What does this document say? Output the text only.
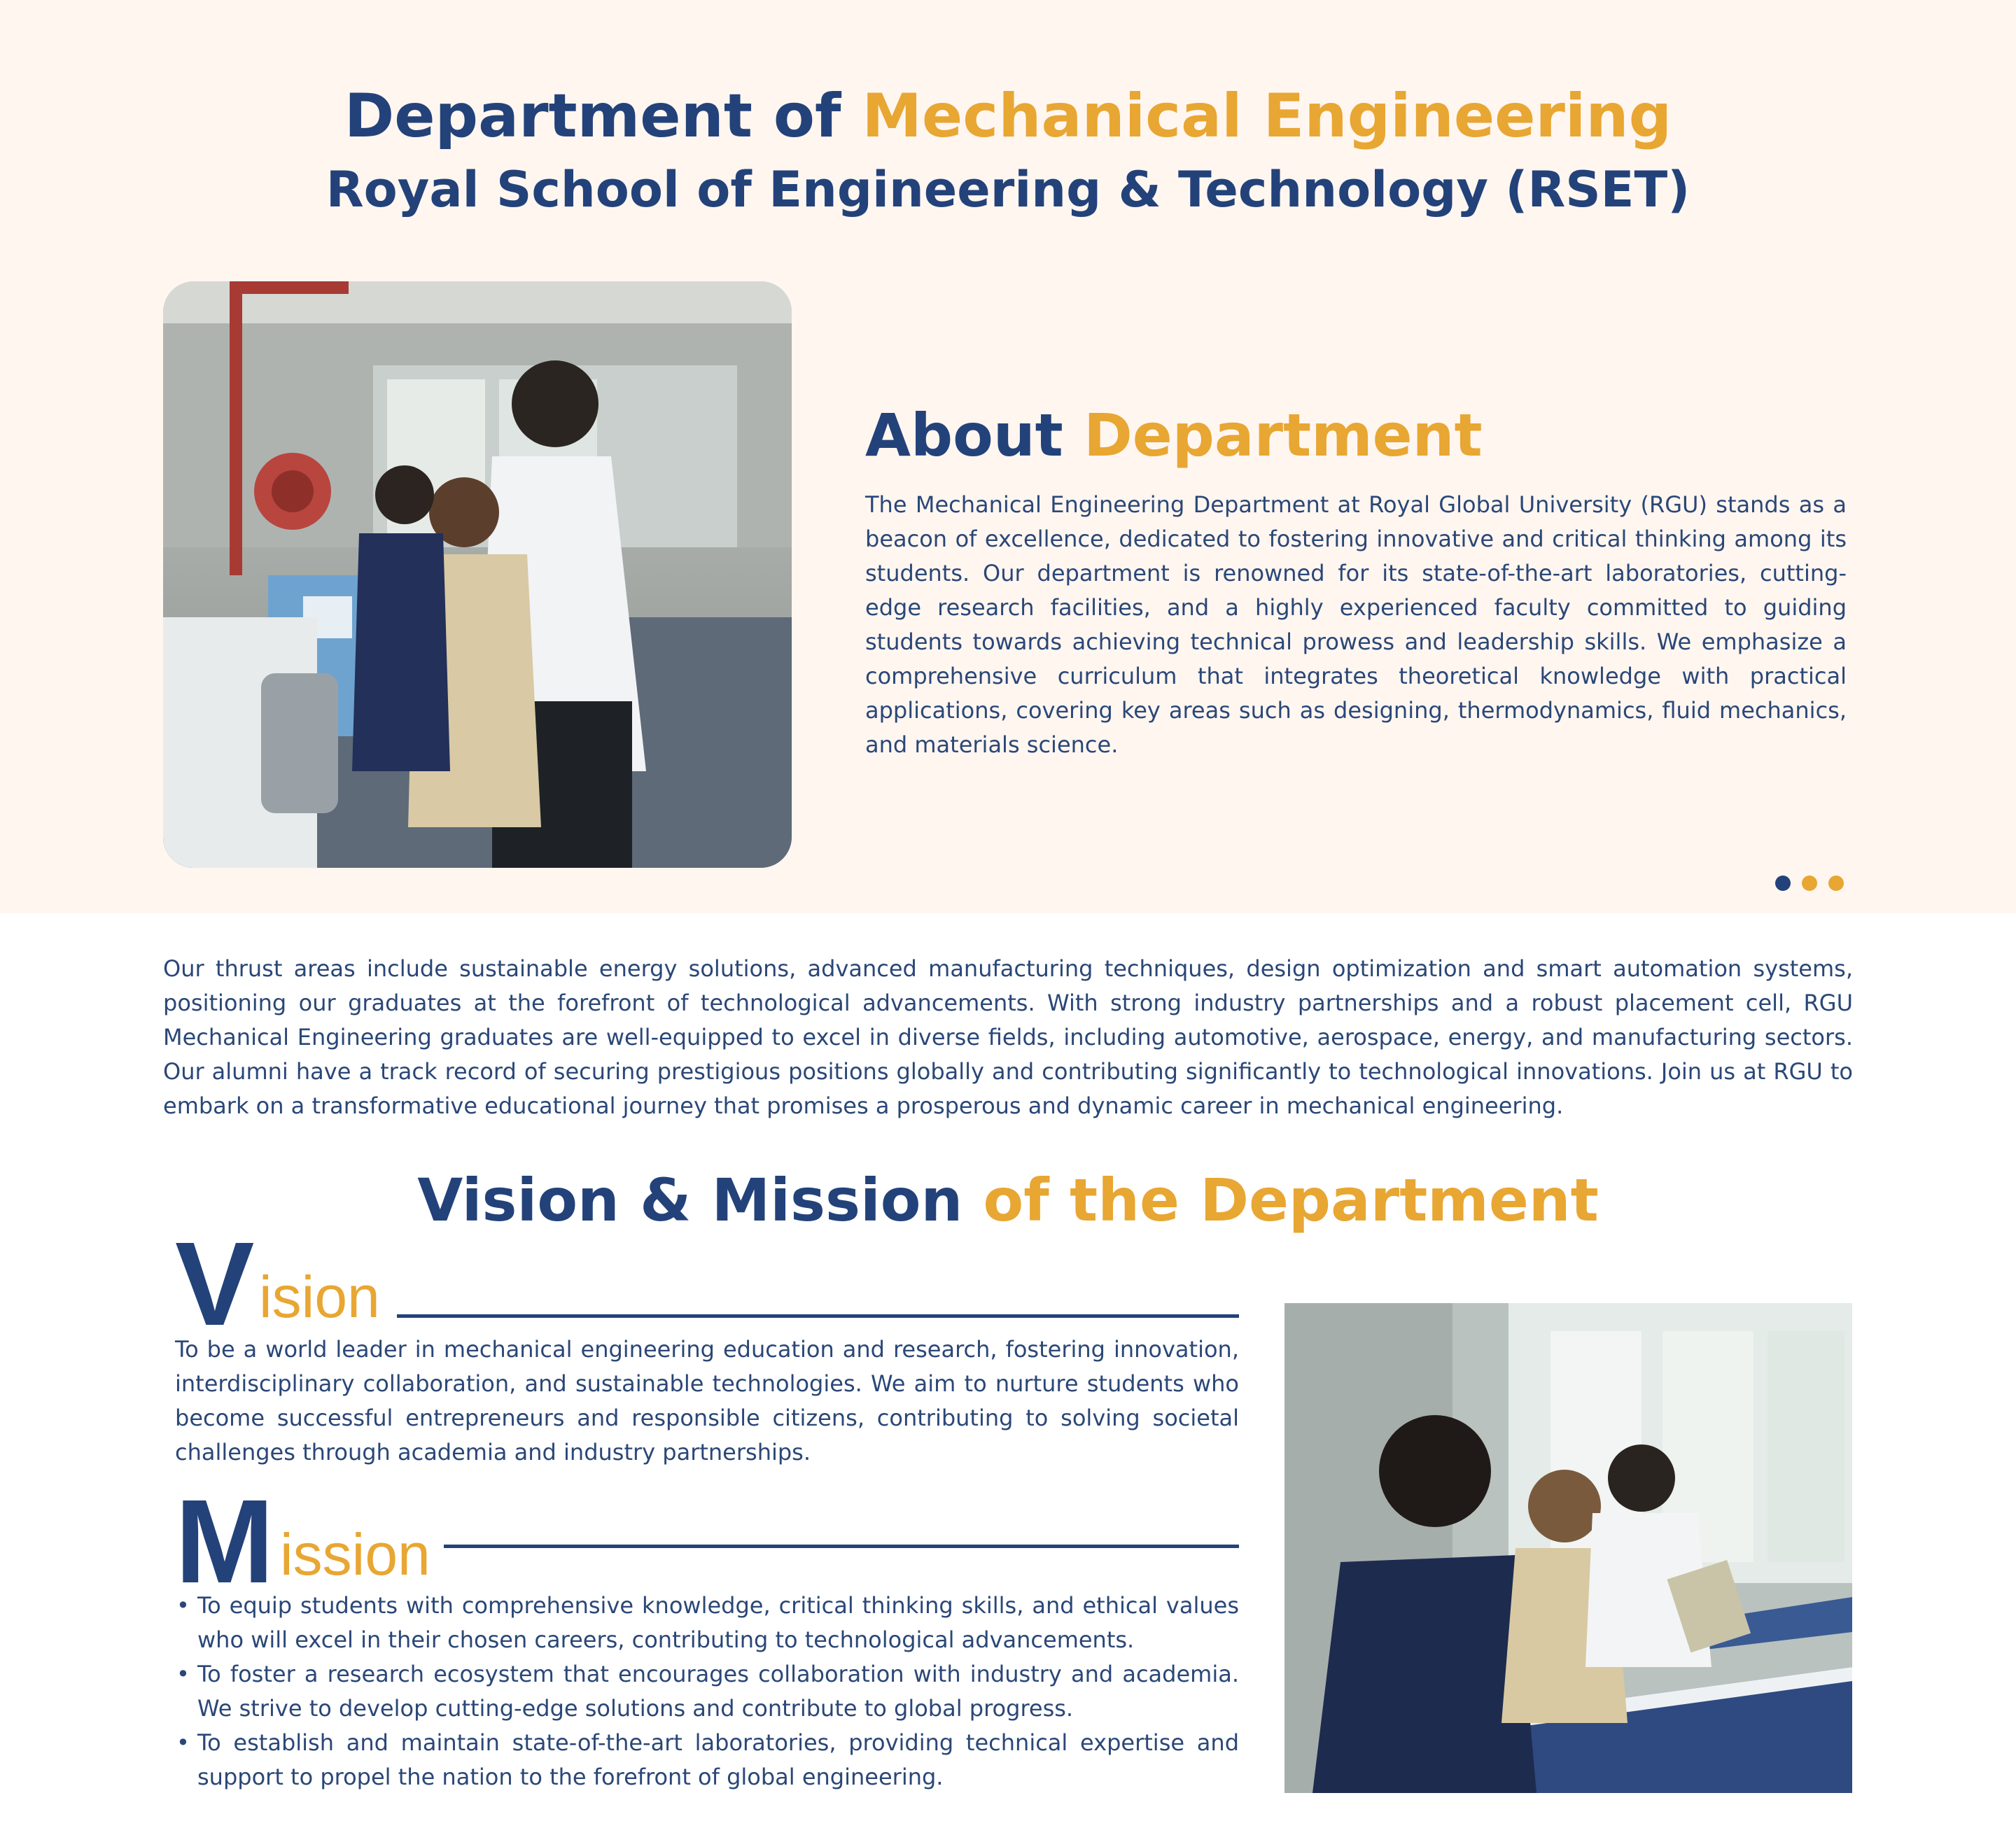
Department of Mechanical Engineering
Royal School of Engineering & Technology (RSET)
About Department

The Mechanical Engineering Department at Royal Global University (RGU) stands as a beacon of excellence, dedicated to fostering innovative and critical thinking among its students. Our department is renowned for its state-of-the-art laboratories, cutting-edge research facilities, and a highly experienced faculty committed to guiding students towards achieving technical prowess and leadership skills. We emphasize a comprehensive curriculum that integrates theoretical knowledge with practical applications, covering key areas such as designing, thermodynamics, fluid mechanics, and materials science.

Our thrust areas include sustainable energy solutions, advanced manufacturing techniques, design optimization and smart automation systems, positioning our graduates at the forefront of technological advancements. With strong industry partnerships and a robust placement cell, RGU Mechanical Engineering graduates are well-equipped to excel in diverse fields, including automotive, aerospace, energy, and manufacturing sectors. Our alumni have a track record of securing prestigious positions globally and contributing significantly to technological innovations. Join us at RGU to embark on a transformative educational journey that promises a prosperous and dynamic career in mechanical engineering.

Vision & Mission of the Department
V ision

To be a world leader in mechanical engineering education and research, fostering innovation, interdisciplinary collaboration, and sustainable technologies. We aim to nurture students who become successful entrepreneurs and responsible citizens, contributing to solving societal challenges through academia and industry partnerships.

M ission
• To equip students with comprehensive knowledge, critical thinking skills, and ethical values who will excel in their chosen careers, contributing to technological advancements.
• To foster a research ecosystem that encourages collaboration with industry and academia. We strive to develop cutting-edge solutions and contribute to global progress.
• To establish and maintain state-of-the-art laboratories, providing technical expertise and support to propel the nation to the forefront of global engineering.
